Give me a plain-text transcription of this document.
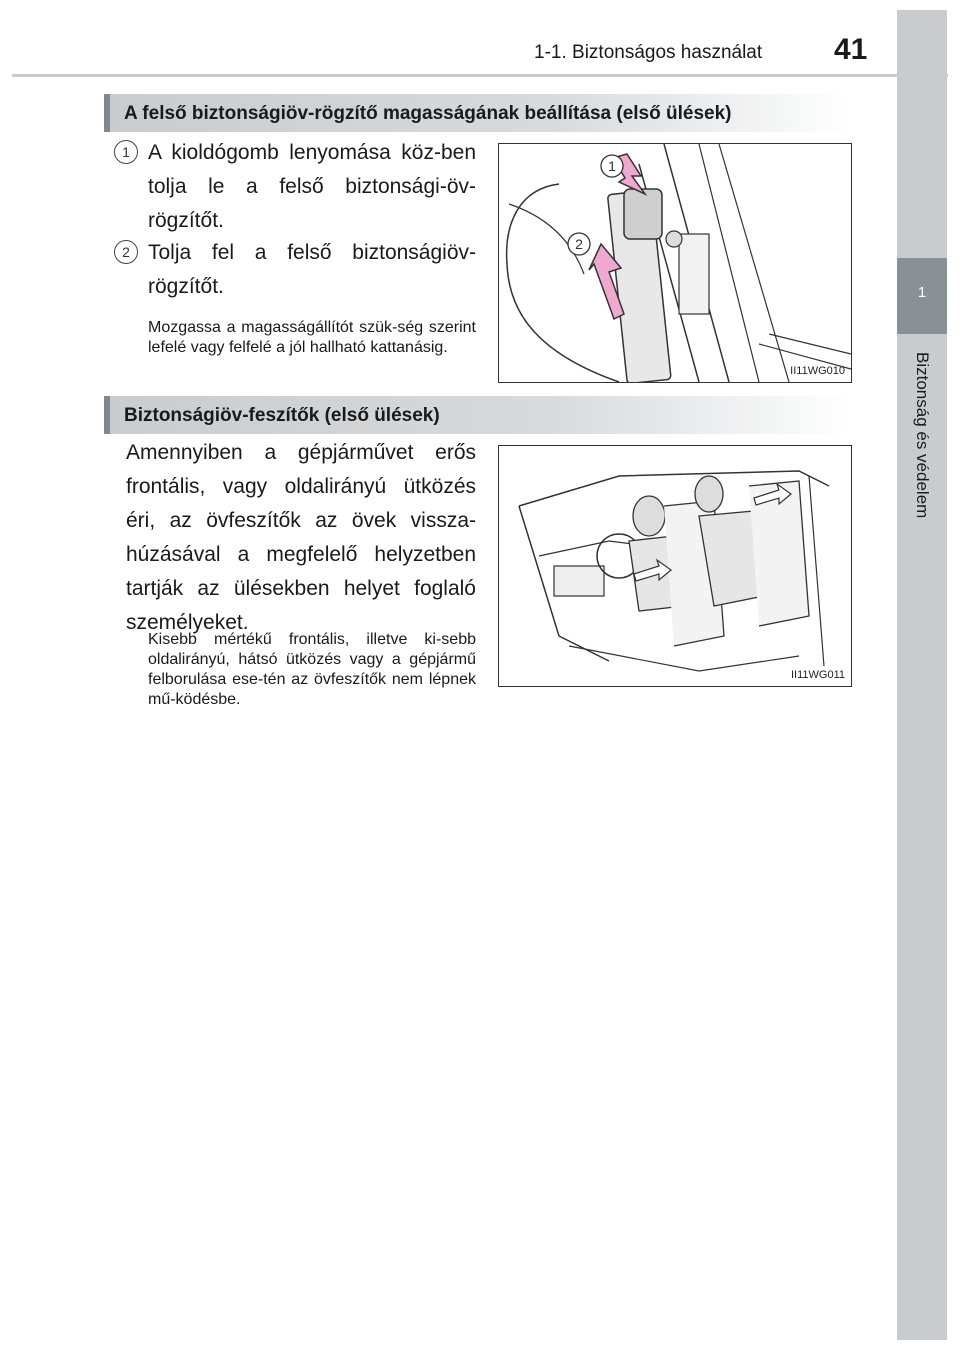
1-1. Biztonságos használat 41
1
Biztonság és védelem
A felső biztonságiöv-rögzítő magasságának beállítása (első ülések)
1 A kioldógomb lenyomása köz-ben tolja le a felső biztonsági-öv-rögzítőt.
2 Tolja fel a felső biztonságiöv-rögzítőt.
Mozgassa a magasságállítót szük-ség szerint lefelé vagy felfelé a jól hallható kattanásig.
1
2
II11WG010
Biztonságiöv-feszítők (első ülések)
Amennyiben a gépjárművet erős frontális, vagy oldalirányú ütközés éri, az övfeszítők az övek vissza-húzásával a megfelelő helyzetben tartják az ülésekben helyet foglaló személyeket.
Kisebb mértékű frontális, illetve ki-sebb oldalirányú, hátsó ütközés vagy a gépjármű felborulása ese-tén az övfeszítők nem lépnek mű-ködésbe.
II11WG011
